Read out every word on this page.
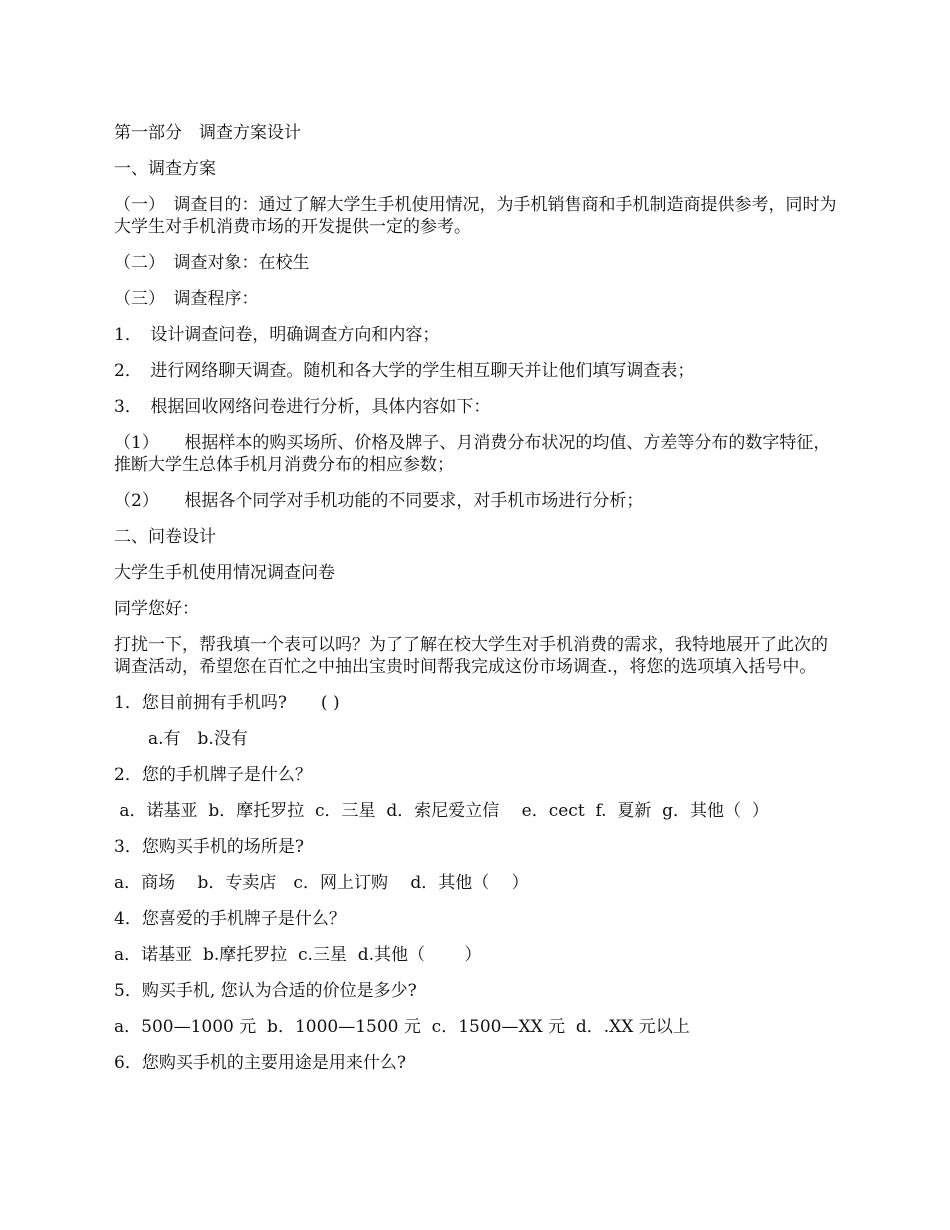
第一部分　调查方案设计

一、调查方案

（一）　调查目的：通过了解大学生手机使用情况，为手机销售商和手机制造商提供参考，同时为大学生对手机消费市场的开发提供一定的参考。

（二）　调查对象：在校生

（三）　调查程序：

1．　设计调查问卷，明确调查方向和内容；

2．　进行网络聊天调查。随机和各大学的学生相互聊天并让他们填写调查表；

3．　根据回收网络问卷进行分析，具体内容如下：

（1）　　根据样本的购买场所、价格及牌子、月消费分布状况的均值、方差等分布的数字特征，推断大学生总体手机月消费分布的相应参数；

（2）　　根据各个同学对手机功能的不同要求，对手机市场进行分析；

二、问卷设计

大学生手机使用情况调查问卷

同学您好：

打扰一下，帮我填一个表可以吗？为了了解在校大学生对手机消费的需求，我特地展开了此次的调查活动，希望您在百忙之中抽出宝贵时间帮我完成这份市场调查.，将您的选项填入括号中。

1．您目前拥有手机吗?　　( )

a.有　b.没有

2．您的手机牌子是什么？

a．诺基亚  b．摩托罗拉  c．三星  d．索尼爱立信　 e．cect  f.  夏新  g．其他（  ）

3．您购买手机的场所是?

a．商场　 b．专卖店　c．网上订购　 d．其他（　 ）

4．您喜爱的手机牌子是什么？

a．诺基亚  b.摩托罗拉  c.三星  d.其他（　　 ）

5．购买手机, 您认为合适的价位是多少?

a．500—1000 元  b．1000—1500 元  c．1500—XX 元  d．.XX 元以上

6．您购买手机的主要用途是用来什么?
